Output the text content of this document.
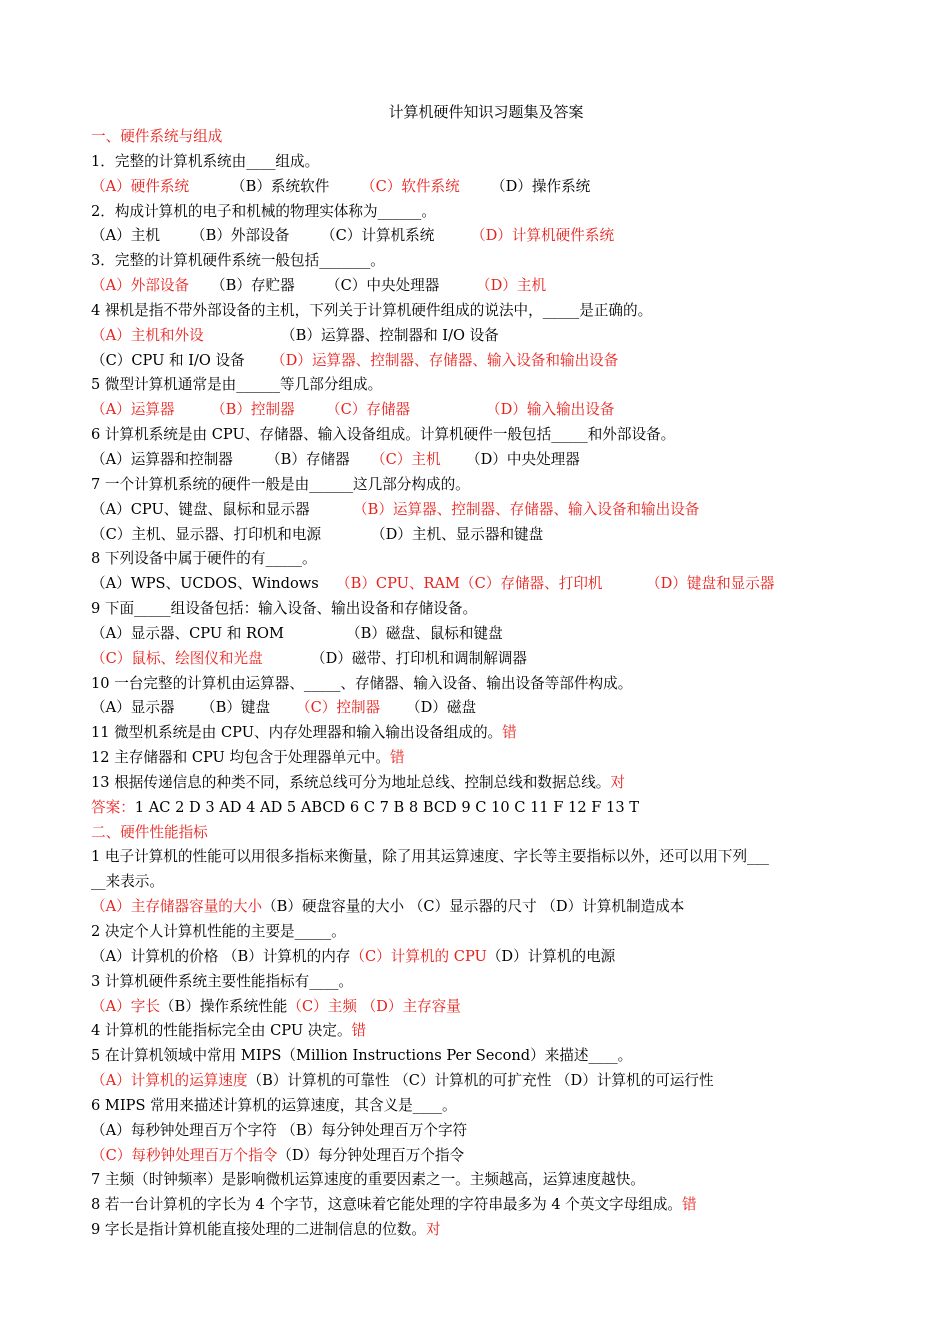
计算机硬件知识习题集及答案
一、硬件系统与组成
1．完整的计算机系统由____组成。
（A）硬件系统	（B）系统软件 （C）软件系统 （D）操作系统
2．构成计算机的电子和机械的物理实体称为______。
（A）主机 （B）外部设备 （C）计算机系统	（D）计算机硬件系统
3．完整的计算机硬件系统一般包括_______。
（A）外部设备 （B）存贮器 （C）中央处理器	（D）主机
4 裸机是指不带外部设备的主机，下列关于计算机硬件组成的说法中，_____是正确的。
（A）主机和外设	（B）运算器、控制器和 I/O 设备
（C）CPU 和 I/O 设备 （D）运算器、控制器、存储器、输入设备和输出设备
5 微型计算机通常是由______等几部分组成。
（A）运算器 （B）控制器 （C）存储器	（D）输入输出设备
6 计算机系统是由 CPU、存储器、输入设备组成。计算机硬件一般包括_____和外部设备。
（A）运算器和控制器 （B）存储器 （C）主机 （D）中央处理器
7 一个计算机系统的硬件一般是由______这几部分构成的。
（A）CPU、键盘、鼠标和显示器	（B）运算器、控制器、存储器、输入设备和输出设备
（C）主机、显示器、打印机和电源	（D）主机、显示器和键盘
8 下列设备中属于硬件的有_____。
（A）WPS、UCDOS、Windows （B）CPU、RAM（C）存储器、打印机	（D）键盘和显示器
9 下面_____组设备包括：输入设备、输出设备和存储设备。
（A）显示器、CPU 和 ROM	（B）磁盘、鼠标和键盘
（C）鼠标、绘图仪和光盘	（D）磁带、打印机和调制解调器
10 一台完整的计算机由运算器、_____、存储器、输入设备、输出设备等部件构成。
（A）显示器 （B）键盘 （C）控制器 （D）磁盘
11 微型机系统是由 CPU、内存处理器和输入输出设备组成的。错
12 主存储器和 CPU 均包含于处理器单元中。错
13 根据传递信息的种类不同，系统总线可分为地址总线、控制总线和数据总线。对
答案：1 AC 2 D 3 AD 4 AD 5 ABCD 6 C 7 B 8 BCD 9 C 10 C 11 F 12 F 13 T
二、硬件性能指标
1 电子计算机的性能可以用很多指标来衡量，除了用其运算速度、字长等主要指标以外，还可以用下列___
__来表示。
（A）主存储器容量的大小（B）硬盘容量的大小 （C）显示器的尺寸 （D）计算机制造成本
2 决定个人计算机性能的主要是_____。
（A）计算机的价格 （B）计算机的内存（C）计算机的 CPU（D）计算机的电源
3 计算机硬件系统主要性能指标有____。
（A）字长（B）操作系统性能（C）主频 （D）主存容量
4 计算机的性能指标完全由 CPU 决定。错
5 在计算机领域中常用 MIPS（Million Instructions Per Second）来描述____。
（A）计算机的运算速度（B）计算机的可靠性 （C）计算机的可扩充性 （D）计算机的可运行性
6 MIPS 常用来描述计算机的运算速度，其含义是____。
（A）每秒钟处理百万个字符 （B）每分钟处理百万个字符
（C）每秒钟处理百万个指令（D）每分钟处理百万个指令
7 主频（时钟频率）是影响微机运算速度的重要因素之一。主频越高，运算速度越快。
8 若一台计算机的字长为 4 个字节，这意味着它能处理的字符串最多为 4 个英文字母组成。错
9 字长是指计算机能直接处理的二进制信息的位数。对
